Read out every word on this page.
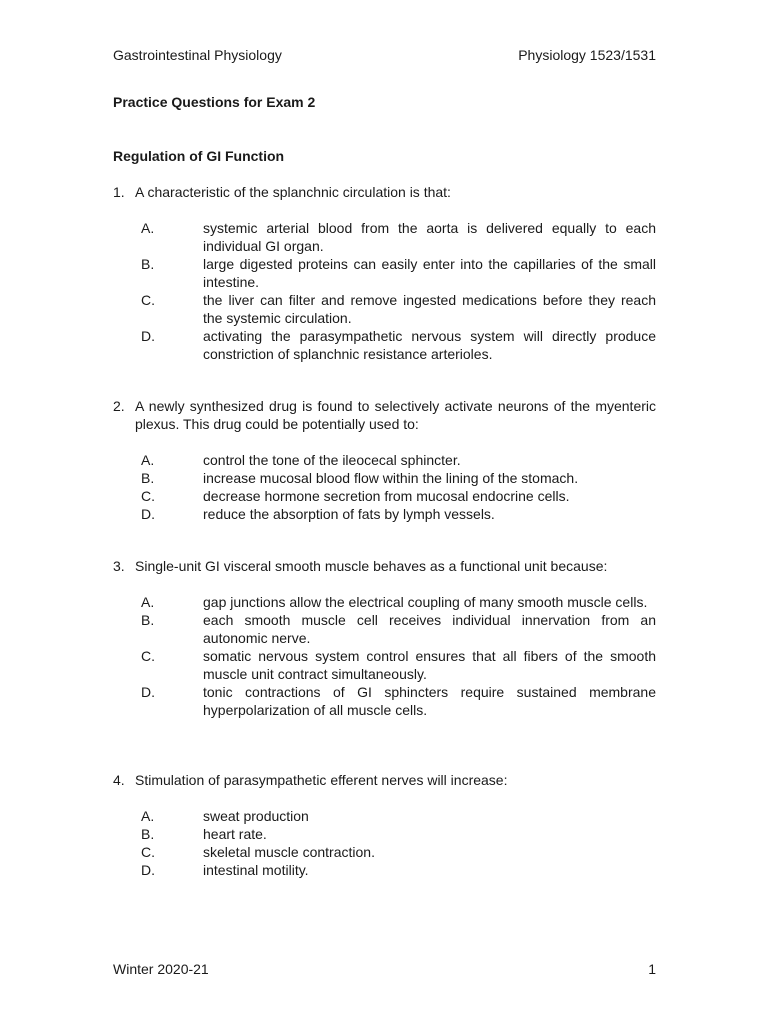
Gastrointestinal Physiology	Physiology 1523/1531
Practice Questions for Exam 2
Regulation of GI Function
1. A characteristic of the splanchnic circulation is that:
A.	systemic arterial blood from the aorta is delivered equally to each individual GI organ.
B.	large digested proteins can easily enter into the capillaries of the small intestine.
C.	the liver can filter and remove ingested medications before they reach the systemic circulation.
D.	activating the parasympathetic nervous system will directly produce constriction of splanchnic resistance arterioles.
2. A newly synthesized drug is found to selectively activate neurons of the myenteric plexus. This drug could be potentially used to:
A.	control the tone of the ileocecal sphincter.
B.	increase mucosal blood flow within the lining of the stomach.
C.	decrease hormone secretion from mucosal endocrine cells.
D.	reduce the absorption of fats by lymph vessels.
3. Single-unit GI visceral smooth muscle behaves as a functional unit because:
A.	gap junctions allow the electrical coupling of many smooth muscle cells.
B.	each smooth muscle cell receives individual innervation from an autonomic nerve.
C.	somatic nervous system control ensures that all fibers of the smooth muscle unit contract simultaneously.
D.	tonic contractions of GI sphincters require sustained membrane hyperpolarization of all muscle cells.
4. Stimulation of parasympathetic efferent nerves will increase:
A.	sweat production
B.	heart rate.
C.	skeletal muscle contraction.
D.	intestinal motility.
Winter 2020-21	1
